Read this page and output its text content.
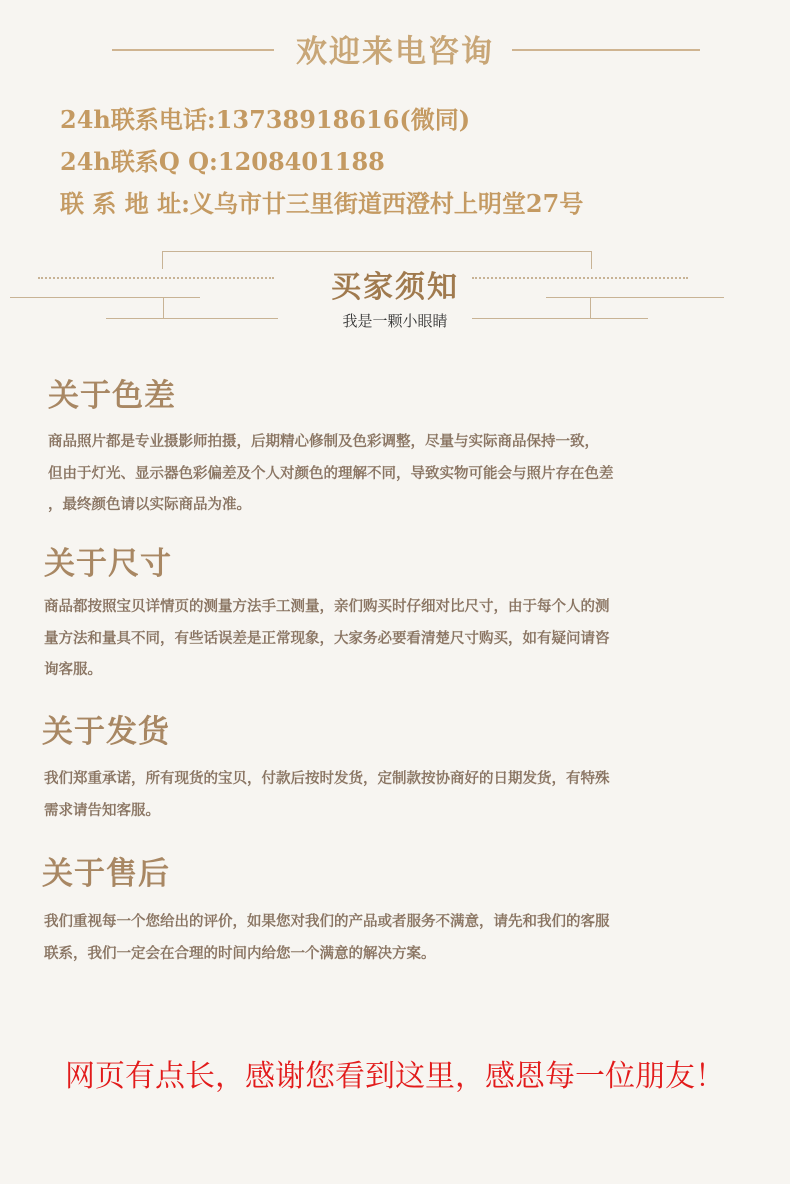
欢迎来电咨询
24h联系电话:13738918616(微同)
24h联系Q Q:1208401188
联 系 地 址:义乌市廿三里街道西澄村上明堂27号
买家须知
我是一颗小眼睛
关于色差
商品照片都是专业摄影师拍摄，后期精心修制及色彩调整，尽量与实际商品保持一致，
但由于灯光、显示器色彩偏差及个人对颜色的理解不同，导致实物可能会与照片存在色差
，最终颜色请以实际商品为准。
关于尺寸
商品都按照宝贝详情页的测量方法手工测量，亲们购买时仔细对比尺寸，由于每个人的测
量方法和量具不同，有些话误差是正常现象，大家务必要看清楚尺寸购买，如有疑问请咨
询客服。
关于发货
我们郑重承诺，所有现货的宝贝，付款后按时发货，定制款按协商好的日期发货，有特殊
需求请告知客服。
关于售后
我们重视每一个您给出的评价，如果您对我们的产品或者服务不满意，请先和我们的客服
联系，我们一定会在合理的时间内给您一个满意的解决方案。
网页有点长，感谢您看到这里，感恩每一位朋友！
